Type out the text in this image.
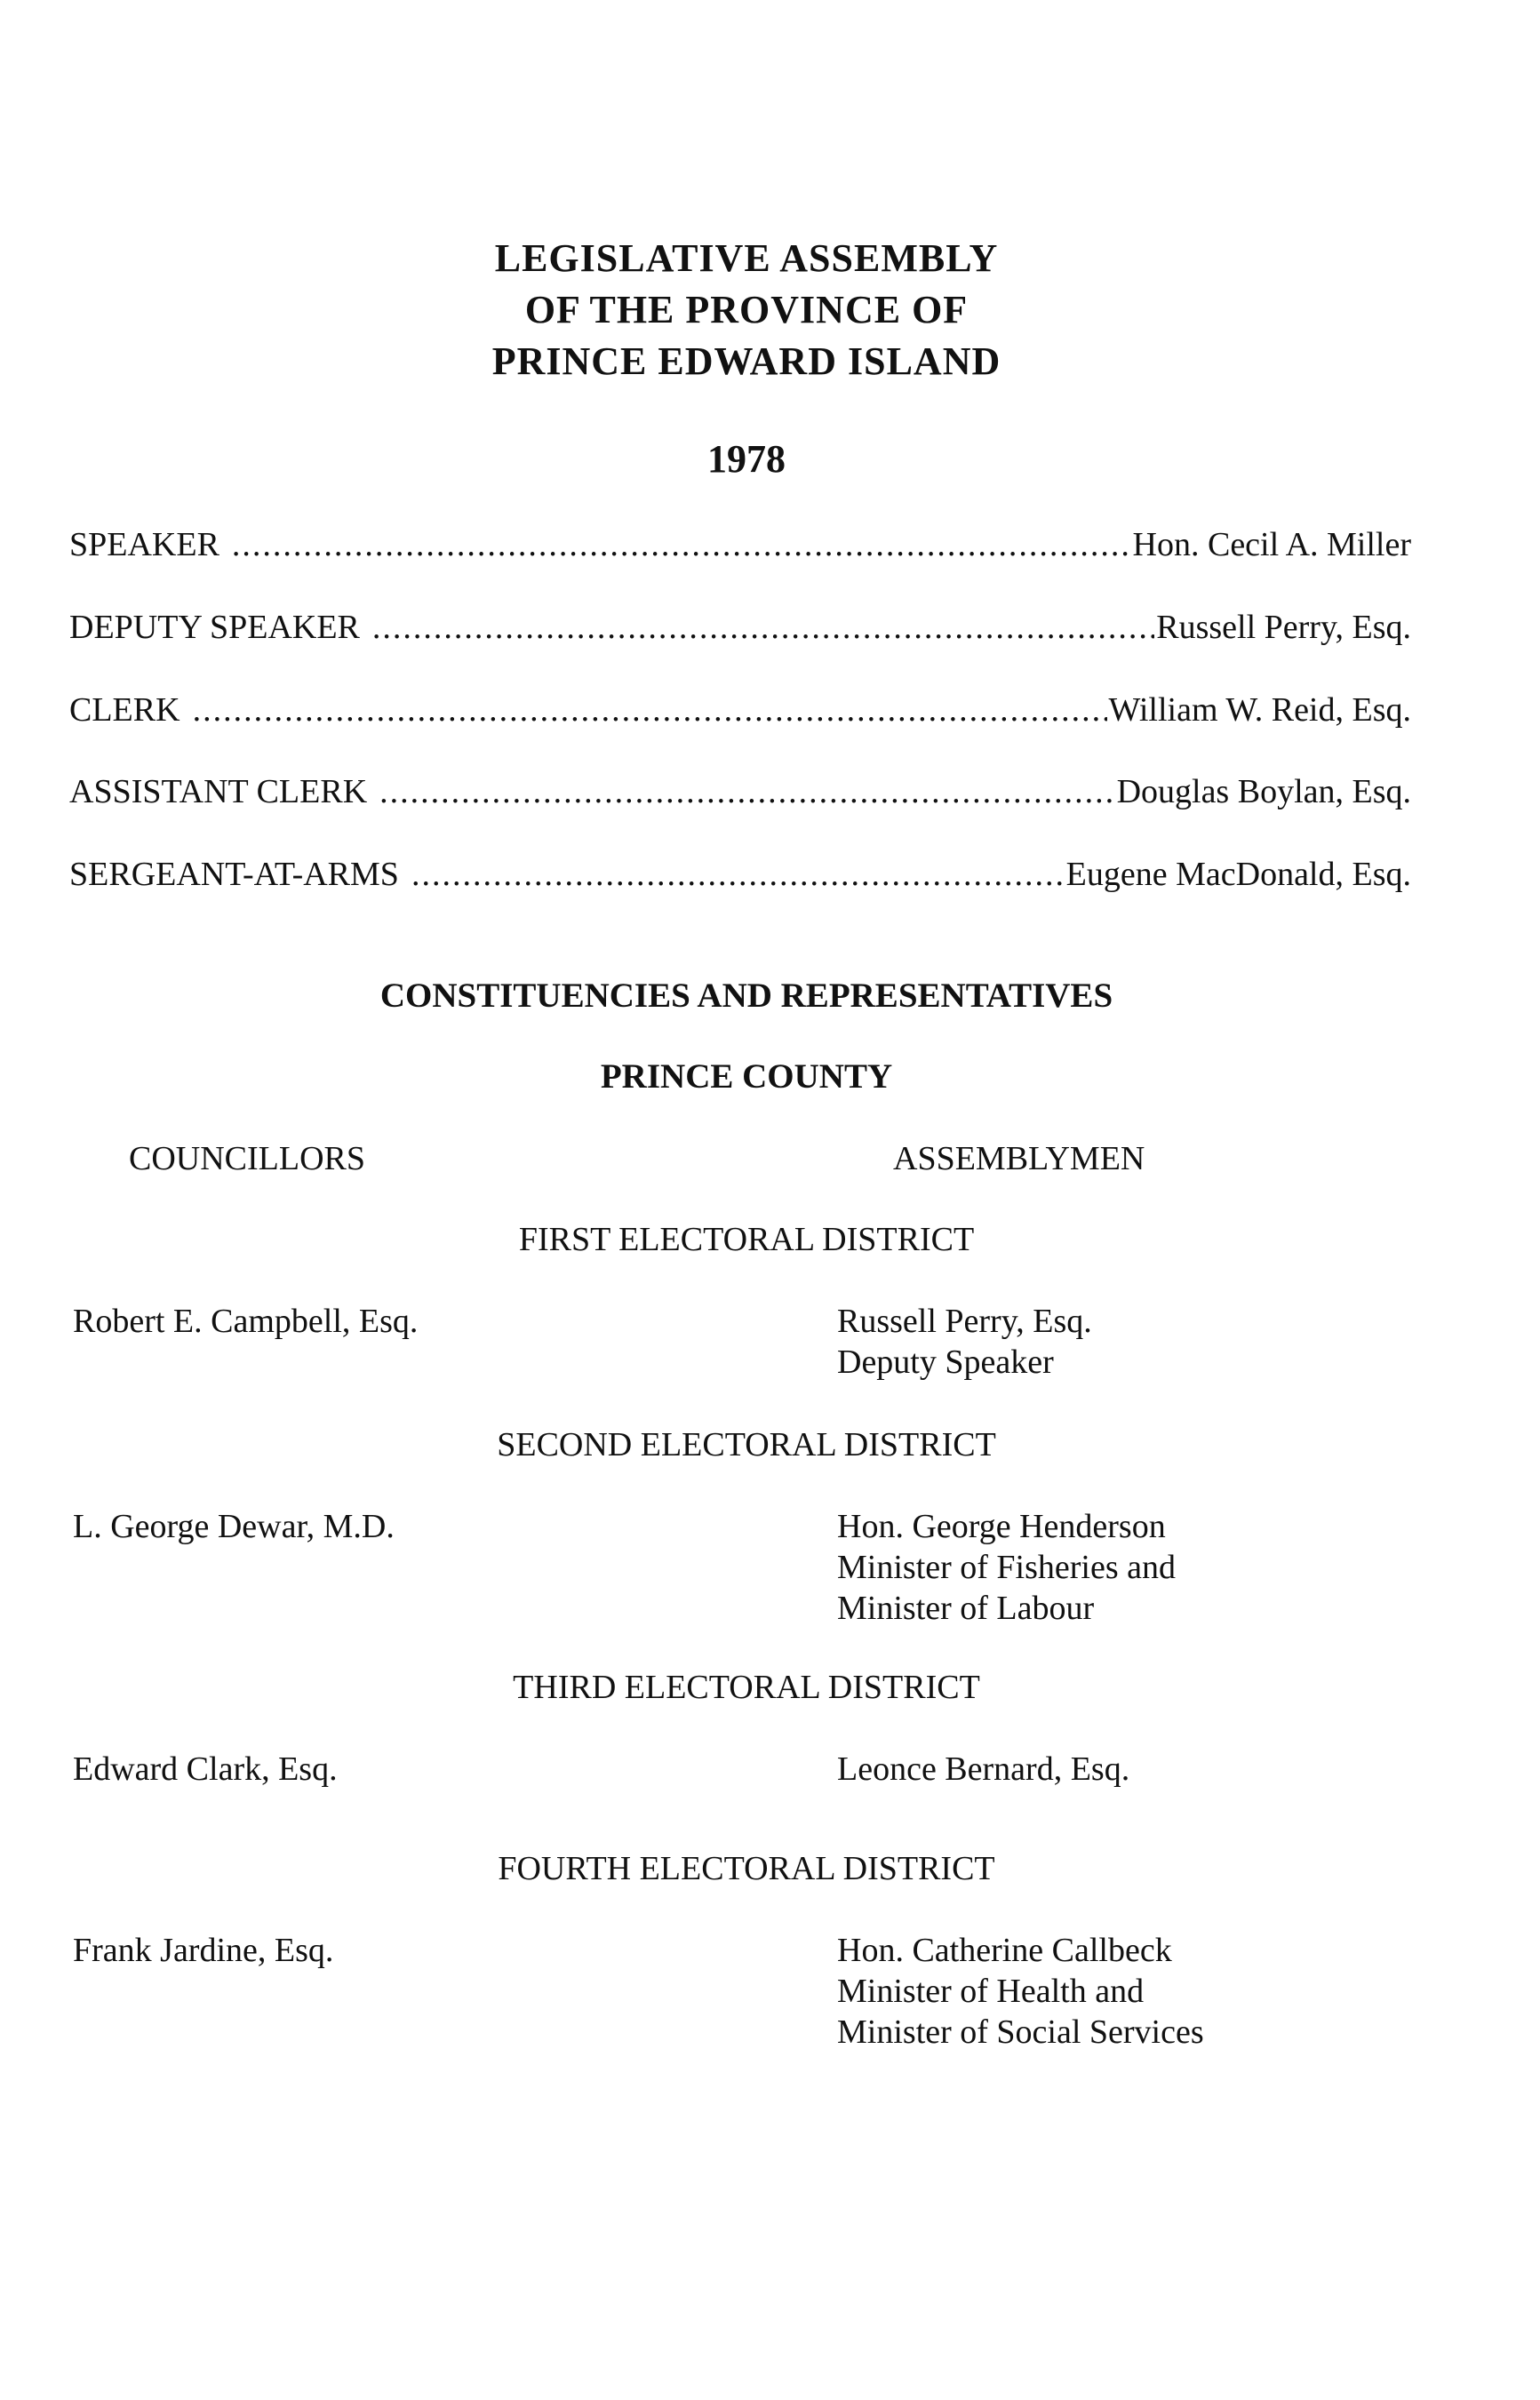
LEGISLATIVE ASSEMBLY
OF THE PROVINCE OF
PRINCE EDWARD ISLAND
1978
SPEAKER .....	Hon. Cecil A. Miller
DEPUTY SPEAKER .....	Russell Perry, Esq.
CLERK .....	William W. Reid, Esq.
ASSISTANT CLERK .....	Douglas Boylan, Esq.
SERGEANT-AT-ARMS .....	Eugene MacDonald, Esq.
CONSTITUENCIES AND REPRESENTATIVES
PRINCE COUNTY
COUNCILLORS	ASSEMBLYMEN
FIRST ELECTORAL DISTRICT
Robert E. Campbell, Esq.	Russell Perry, Esq.
Deputy Speaker
SECOND ELECTORAL DISTRICT
L. George Dewar, M.D.	Hon. George Henderson
Minister of Fisheries and
Minister of Labour
THIRD ELECTORAL DISTRICT
Edward Clark, Esq.	Leonce Bernard, Esq.
FOURTH ELECTORAL DISTRICT
Frank Jardine, Esq.	Hon. Catherine Callbeck
Minister of Health and
Minister of Social Services
